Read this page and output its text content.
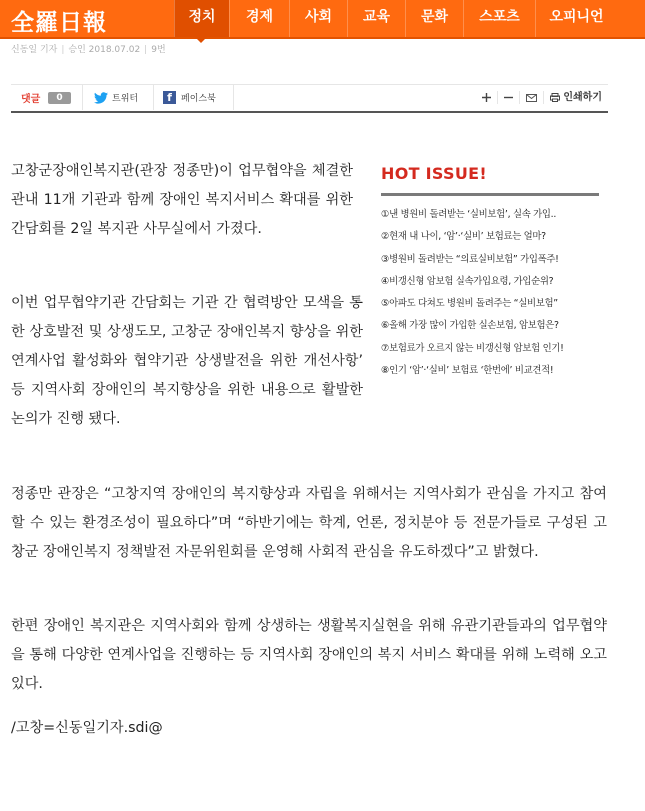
全羅日報	정치	경제	사회	교육	문화	스포츠	오피니언
신동일 기자 | 승인 2018.07.02 | 9번
댓글	0	트위터	f	페이스북	인쇄하기

고창군장애인복지관(관장 정종만)이 업무협약을 체결한 관내 11개 기관과 함께 장애인 복지서비스 확대를 위한 간담회를 2일 복지관 사무실에서 가졌다.

이번 업무협약기관 간담회는 기관 간 협력방안 모색을 통한 상호발전 및 상생도모, 고창군 장애인복지 향상을 위한 연계사업 활성화와 협약기관 상생발전을 위한 개선사항’ 등 지역사회 장애인의 복지향상을 위한 내용으로 활발한 논의가 진행 됐다.

정종만 관장은 “고창지역 장애인의 복지향상과 자립을 위해서는 지역사회가 관심을 가지고 참여할 수 있는 환경조성이 필요하다”며 “하반기에는 학계, 언론, 정치분야 등 전문가들로 구성된 고창군 장애인복지 정책발전 자문위원회를 운영해 사회적 관심을 유도하겠다”고 밝혔다.

한편 장애인 복지관은 지역사회와 함께 상생하는 생활복지실현을 위해 유관기관들과의 업무협약을 통해 다양한 연계사업을 진행하는 등 지역사회 장애인의 복지 서비스 확대를 위해 노력해 오고 있다.

/고창=신동일기자.sdi@
HOT ISSUE!
①낸 병원비 돌려받는 ‘실비보험’, 실속 가입..
②현재 내 나이, ‘암’·‘실비’ 보험료는 얼마?
③병원비 돌려받는 “의료실비보험” 가입폭주!
④비갱신형 암보험 실속가입요령, 가입순위?
⑤아파도 다쳐도 병원비 돌려주는 “실비보험”
⑥올해 가장 많이 가입한 실손보험, 암보험은?
⑦보험료가 오르지 않는 비갱신형 암보험 인기!
⑧인기 ‘암’·‘실비’ 보험료 ‘한번에’ 비교견적!
